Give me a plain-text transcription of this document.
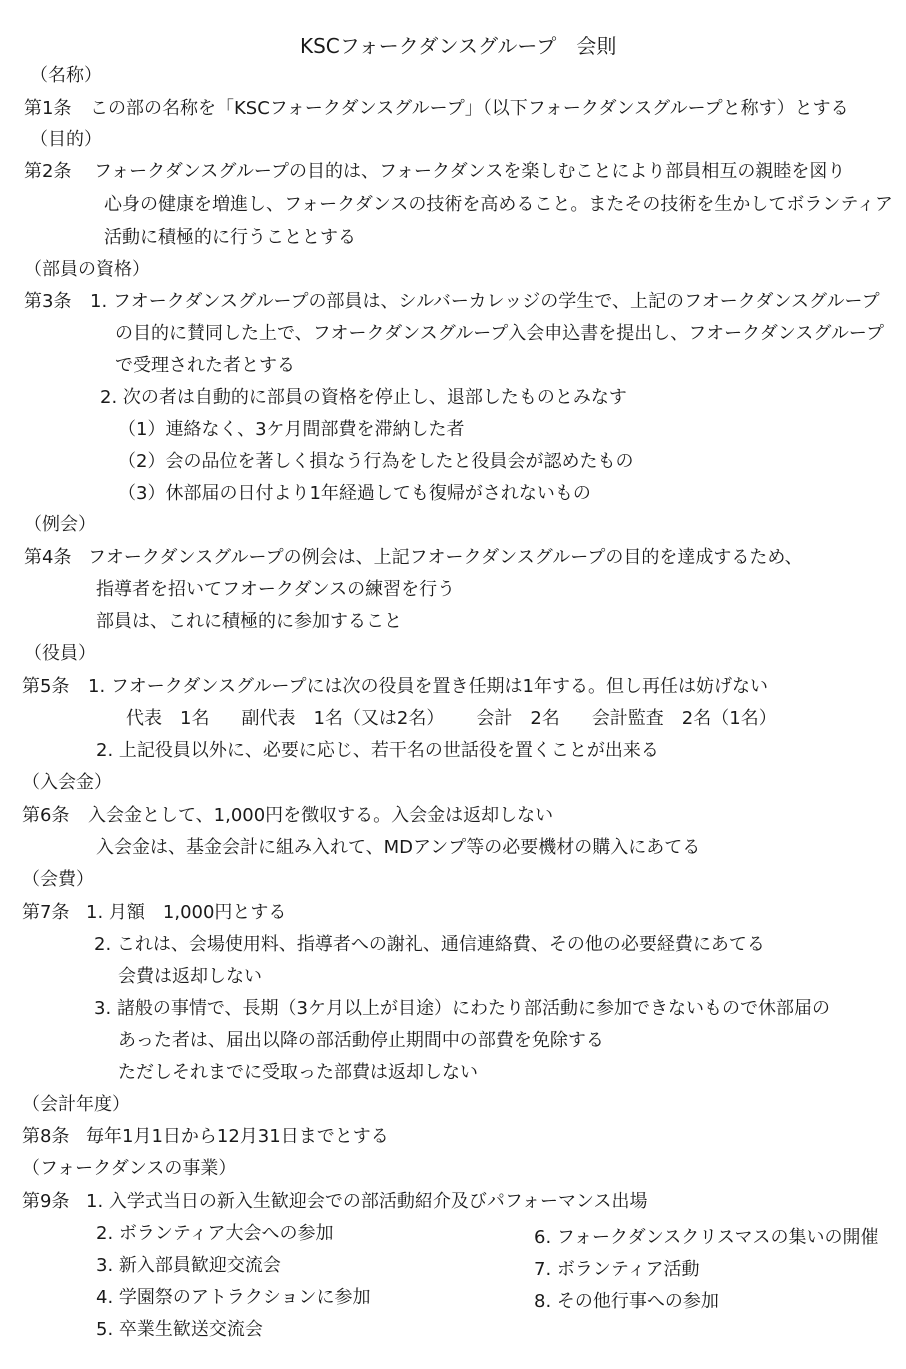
KSCフォークダンスグループ　会則
（名称）
第1条 この部の名称を「KSCフォークダンスグループ」（以下フォークダンスグループと称す）とする
（目的）
第2条 フォークダンスグループの目的は、フォークダンスを楽しむことにより部員相互の親睦を図り
心身の健康を増進し、フォークダンスの技術を高めること。またその技術を生かしてボランティア
活動に積極的に行うこととする
（部員の資格）
第3条 1. フオークダンスグループの部員は、シルバーカレッジの学生で、上記のフオークダンスグループ
の目的に賛同した上で、フオークダンスグループ入会申込書を提出し、フオークダンスグループ
で受理された者とする
2. 次の者は自動的に部員の資格を停止し、退部したものとみなす
（1）連絡なく、3ケ月間部費を滞納した者
（2）会の品位を著しく損なう行為をしたと役員会が認めたもの
（3）休部届の日付より1年経過しても復帰がされないもの
（例会）
第4条 フオークダンスグループの例会は、上記フオークダンスグループの目的を達成するため、
指導者を招いてフオークダンスの練習を行う
部員は、これに積極的に参加すること
（役員）
第5条 1. フオークダンスグループには次の役員を置き任期は1年する。但し再任は妨げない
代表　1名 副代表　1名（又は2名） 会計　2名 会計監査　2名（1名）
2. 上記役員以外に、必要に応じ、若干名の世話役を置くことが出来る
（入会金）
第6条 入会金として、1,000円を徴収する。入会金は返却しない
入会金は、基金会計に組み入れて、MDアンプ等の必要機材の購入にあてる
（会費）
第7条 1. 月額　1,000円とする
2. これは、会場使用料、指導者への謝礼、通信連絡費、その他の必要経費にあてる
会費は返却しない
3. 諸般の事情で、長期（3ケ月以上が目途）にわたり部活動に参加できないもので休部届の
あった者は、届出以降の部活動停止期間中の部費を免除する
ただしそれまでに受取った部費は返却しない
（会計年度）
第8条 毎年1月1日から12月31日までとする
（フォークダンスの事業）
第9条 1. 入学式当日の新入生歓迎会での部活動紹介及びパフォーマンス出場
2. ボランティア大会への参加
3. 新入部員歓迎交流会
4. 学園祭のアトラクションに参加
5. 卒業生歓送交流会
6. フォークダンスクリスマスの集いの開催
7. ボランティア活動
8. その他行事への参加
